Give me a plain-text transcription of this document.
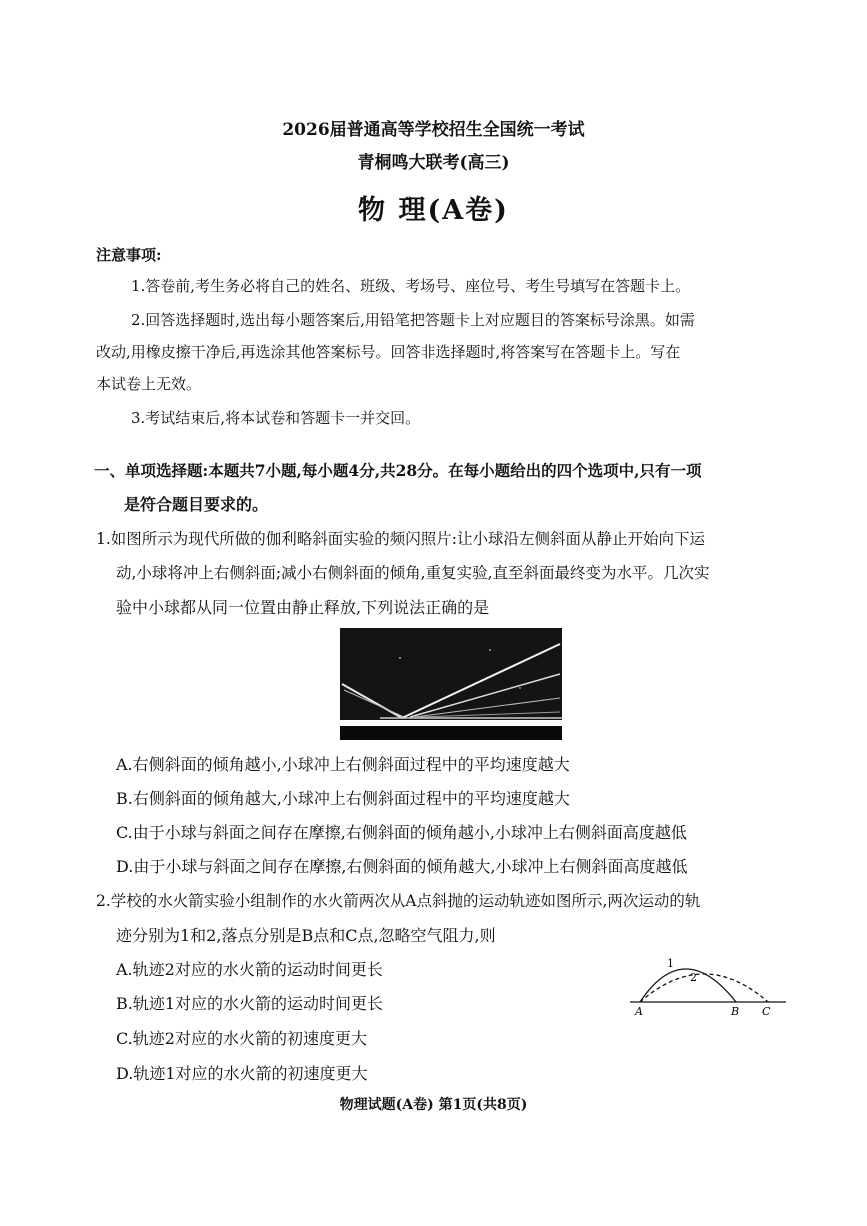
2026届普通高等学校招生全国统一考试
青桐鸣大联考(高三)
物 理(A卷)
注意事项:
1.答卷前,考生务必将自己的姓名、班级、考场号、座位号、考生号填写在答题卡上。
2.回答选择题时,选出每小题答案后,用铅笔把答题卡上对应题目的答案标号涂黑。如需
改动,用橡皮擦干净后,再选涂其他答案标号。回答非选择题时,将答案写在答题卡上。写在
本试卷上无效。
3.考试结束后,将本试卷和答题卡一并交回。
一、单项选择题:本题共7小题,每小题4分,共28分。在每小题给出的四个选项中,只有一项
是符合题目要求的。
1.如图所示为现代所做的伽利略斜面实验的频闪照片:让小球沿左侧斜面从静止开始向下运
动,小球将冲上右侧斜面;减小右侧斜面的倾角,重复实验,直至斜面最终变为水平。几次实
验中小球都从同一位置由静止释放,下列说法正确的是
A.右侧斜面的倾角越小,小球冲上右侧斜面过程中的平均速度越大
B.右侧斜面的倾角越大,小球冲上右侧斜面过程中的平均速度越大
C.由于小球与斜面之间存在摩擦,右侧斜面的倾角越小,小球冲上右侧斜面高度越低
D.由于小球与斜面之间存在摩擦,右侧斜面的倾角越大,小球冲上右侧斜面高度越低
2.学校的水火箭实验小组制作的水火箭两次从A点斜抛的运动轨迹如图所示,两次运动的轨
迹分别为1和2,落点分别是B点和C点,忽略空气阻力,则
A.轨迹2对应的水火箭的运动时间更长
B.轨迹1对应的水火箭的运动时间更长
C.轨迹2对应的水火箭的初速度更大
D.轨迹1对应的水火箭的初速度更大
1
2
A	B C
物理试题(A卷) 第1页(共8页)
